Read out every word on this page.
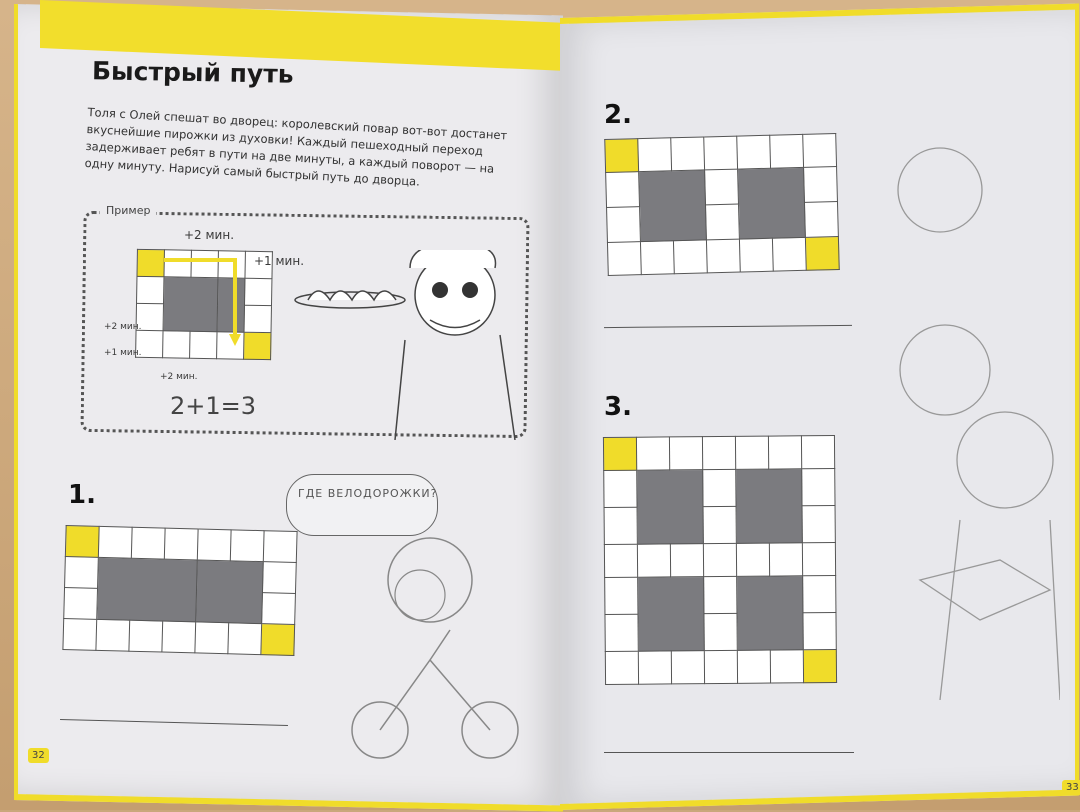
Быстрый путь
Толя с Олей спешат во дворец: королевский повар вот-вот достанет вкуснейшие пирожки из духовки! Каждый пешеходный переход задерживает ребят в пути на две минуты, а каждый поворот — на одну минуту. Нарисуй самый быстрый путь до дворца.
Пример

+2 мин.
+1 мин.
+2 мин.
+1 мин.
+2 мин.
2+1=3
1.

							ГДЕ ВЕЛОДОРОЖКИ?
32
2.

3.

33
